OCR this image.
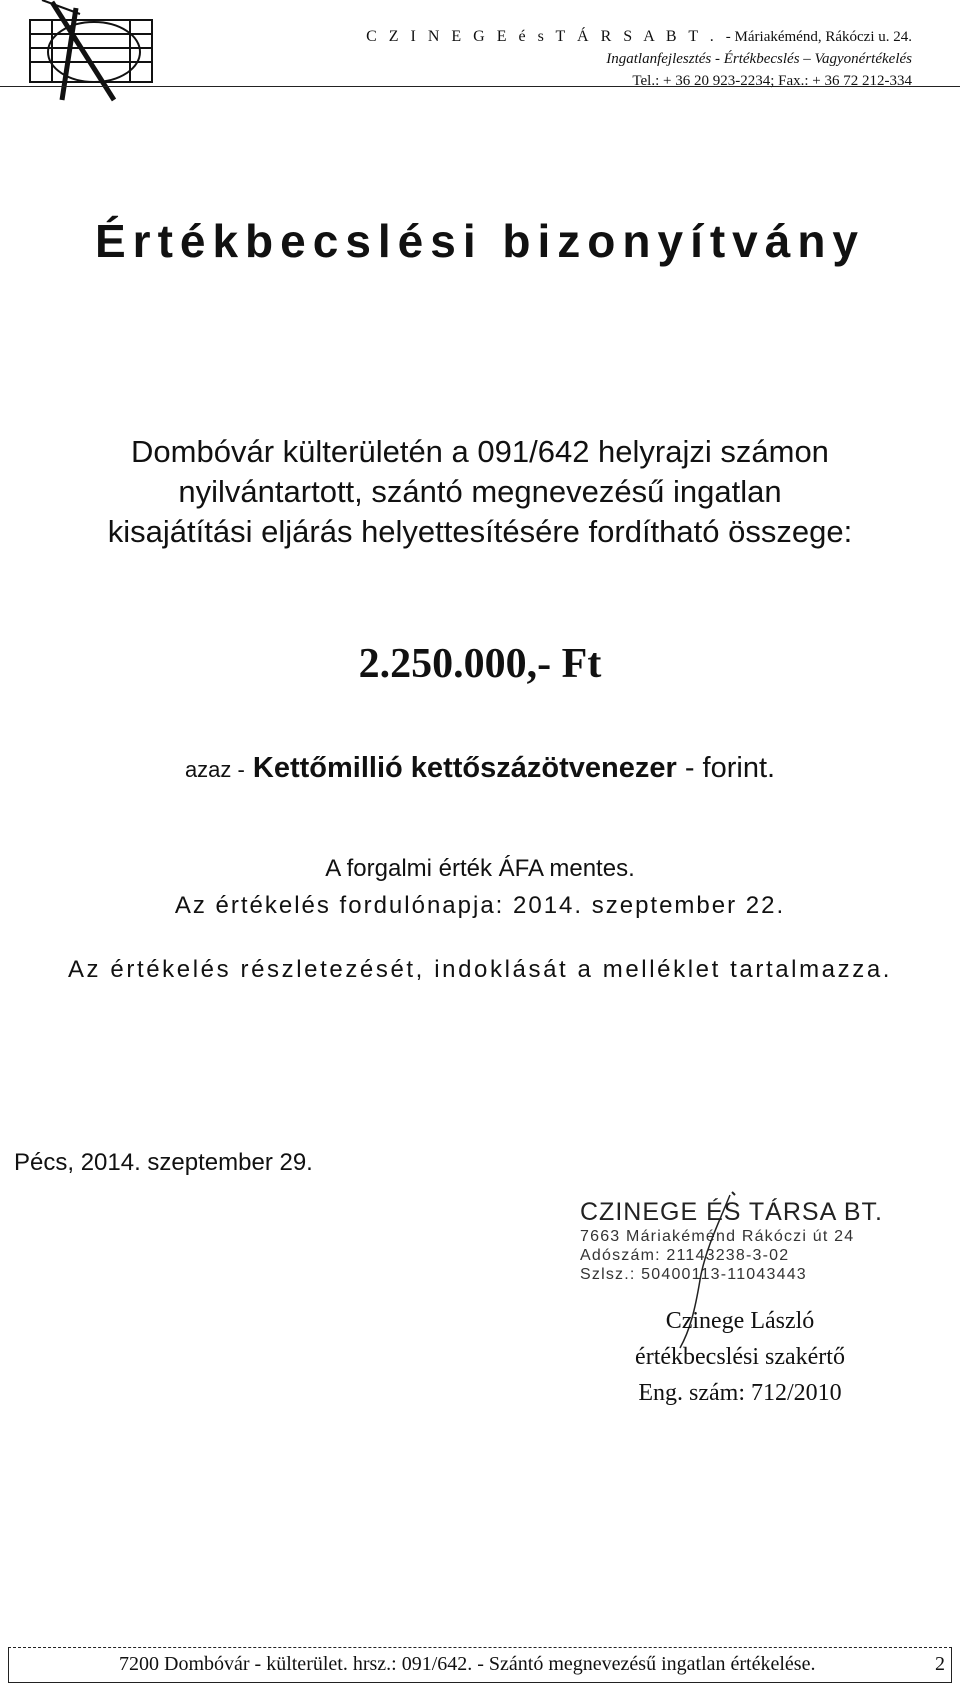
C Z I N E G E é s T Á R S A B T . - Máriakéménd, Rákóczi u. 24.
Ingatlanfejlesztés - Értékbecslés – Vagyonértékelés
Tel.: + 36 20 923-2234; Fax.: + 36 72 212-334
Értékbecslési bizonyítvány
Dombóvár külterületén a 091/642 helyrajzi számon
nyilvántartott, szántó megnevezésű ingatlan
kisajátítási eljárás helyettesítésére fordítható összege:
2.250.000,- Ft
azaz - Kettőmillió kettőszázötvenezer - forint.
A forgalmi érték ÁFA mentes.
Az értékelés fordulónapja: 2014. szeptember 22.
Az értékelés részletezését, indoklását a melléklet tartalmazza.
Pécs, 2014. szeptember 29.
CZINEGE ÉS TÁRSA BT.
7663 Máriakéménd Rákóczi út 24
Adószám: 21143238-3-02
Szlsz.: 50400113-11043443
Czinege László
értékbecslési szakértő
Eng. szám: 712/2010
7200 Dombóvár - külterület. hrsz.: 091/642. - Szántó megnevezésű ingatlan értékelése.	2
